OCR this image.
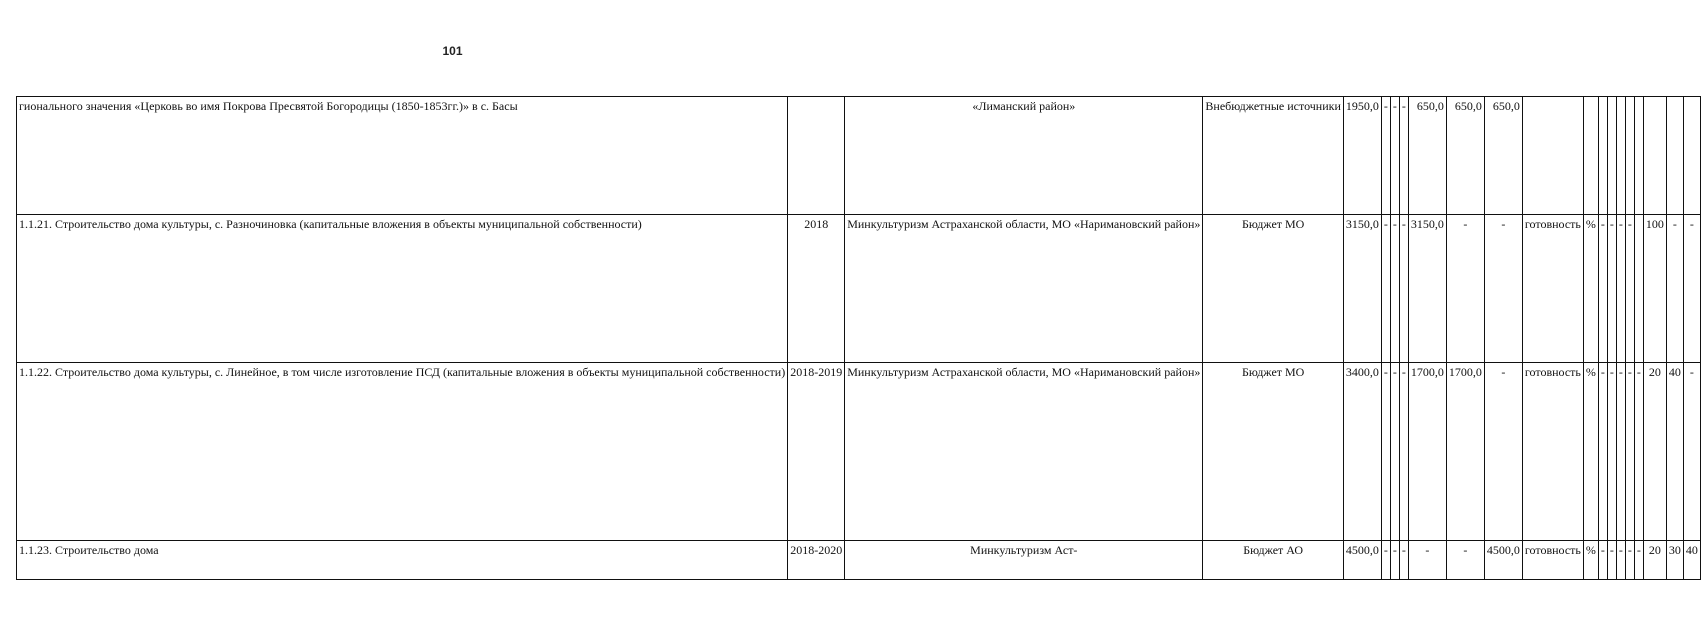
101
гионального значения «Церковь во имя Покрова Пресвятой Богородицы (1850-1853гг.)» в с. Басы		«Лиманский район»	Внебюджетные источники	1950,0	-	-	-	650,0	650,0	650,0										
1.1.21. Строительство дома культуры, с. Разночиновка (капитальные вложения в объекты муниципальной собственности)	2018	Минкультуризм Астраханской области, МО «Наримановский район»	Бюджет МО	3150,0	-	-	-	3150,0	-	-	готовность	%	-	-	-	-		100	-	-
1.1.22. Строительство дома культуры, с. Линейное, в том числе изготовление ПСД (капитальные вложения в объекты муниципальной собственности)	2018-2019	Минкультуризм Астраханской области, МО «Наримановский район»	Бюджет МО	3400,0	-	-	-	1700,0	1700,0	-	готовность	%	-	-	-	-	-	20	40	-
1.1.23. Строительство дома	2018-2020	Минкультуризм Аст-	Бюджет АО	4500,0	-	-	-	-	-	4500,0	готовность	%	-	-	-	-	-	20	30	40
